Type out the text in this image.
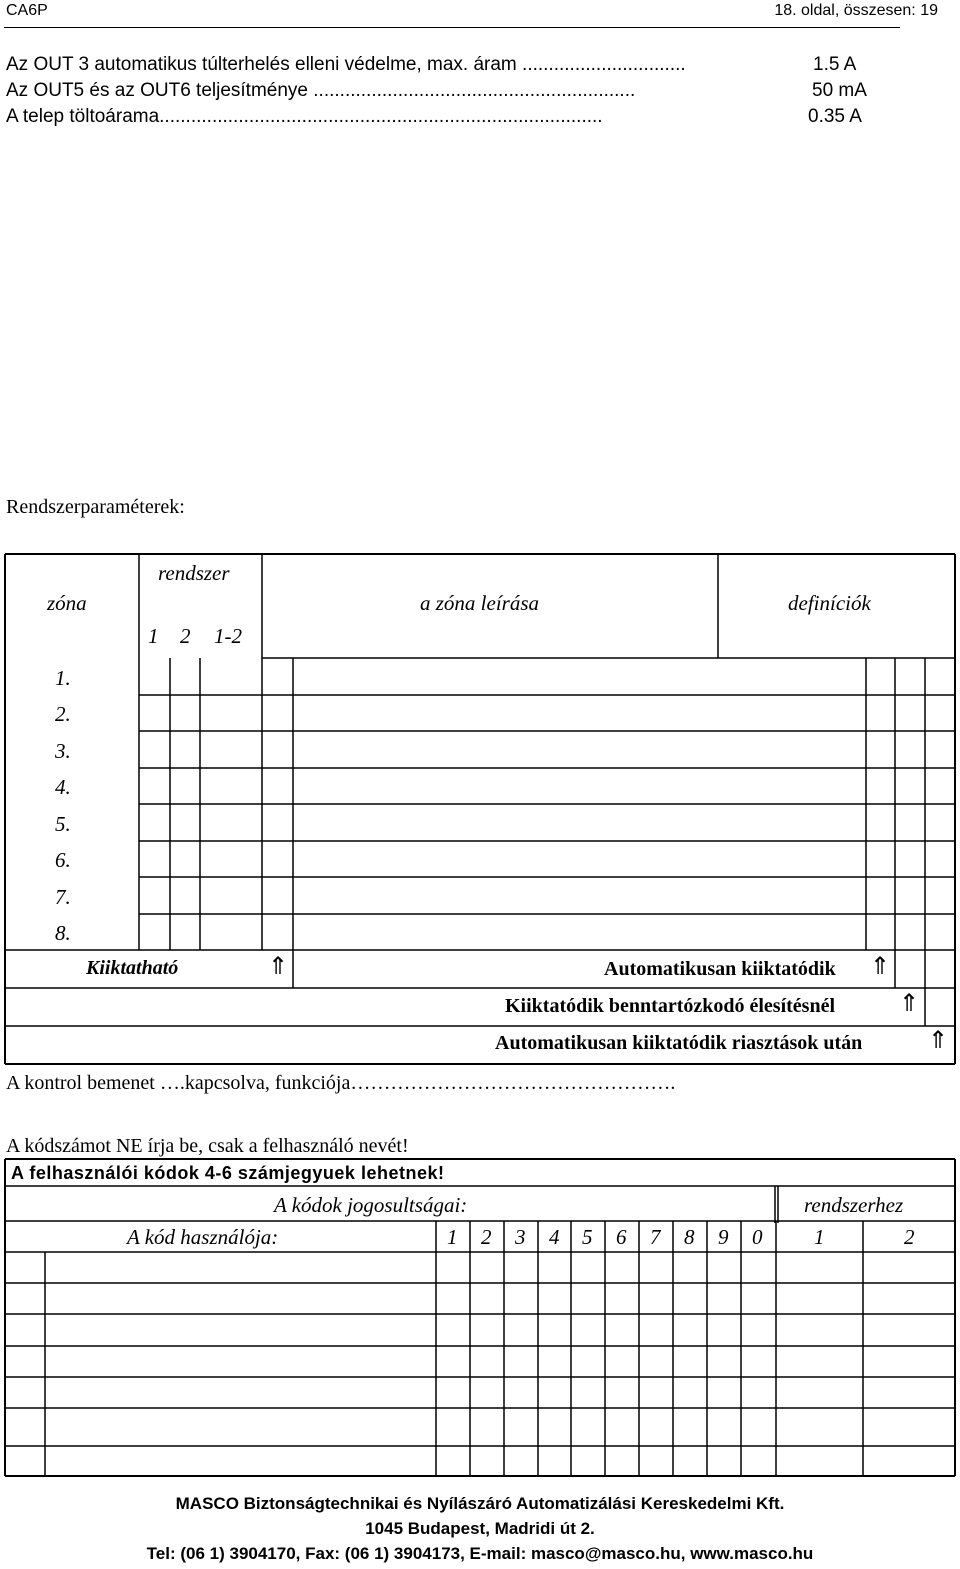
CA6P	18. oldal, összesen: 19
Az OUT 3 automatikus túlterhelés elleni védelme, max. áram ...............................	1.5 A
Az OUT5 és az OUT6 teljesítménye .............................................................	50 mA
A telep töltoárama....................................................................................	0.35 A
Rendszerparaméterek:
zóna
rendszer
1 2 1-2
a zóna leírása	definíciók
1.
2.
3.
4.
5.
6.
7.
8.
Kiiktatható	⇑	Automatikusan kiiktatódik ⇑
Kiiktatódik benntartózkodó élesítésnél	⇑
Automatikusan kiiktatódik riasztások után	⇑
A kontrol bemenet ….kapcsolva, funkciója………………………………………….
A kódszámot NE írja be, csak a felhasználó nevét!
A felhasználói kódok 4-6 számjegyuek lehetnek!
A kódok jogosultságai:	rendszerhez
A kód használója:	1 2 3 4 5 6 7 8 9 0 1	2
MASCO Biztonságtechnikai és Nyílászáró Automatizálási Kereskedelmi Kft.
1045 Budapest, Madridi út 2.
Tel: (06 1) 3904170, Fax: (06 1) 3904173, E-mail: masco@masco.hu, www.masco.hu
